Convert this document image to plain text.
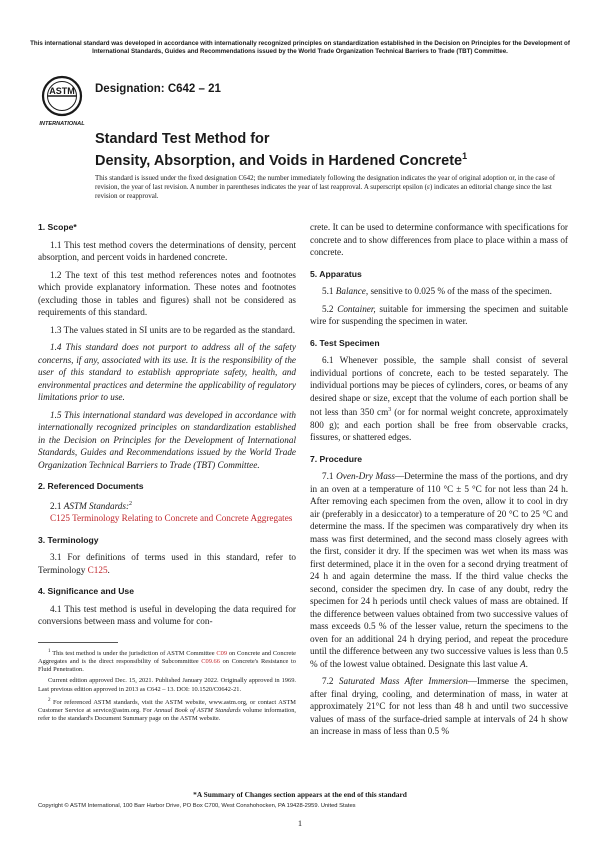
This international standard was developed in accordance with internationally recognized principles on standardization established in the Decision on Principles for the Development of International Standards, Guides and Recommendations issued by the World Trade Organization Technical Barriers to Trade (TBT) Committee.
ASTM
INTERNATIONAL
Designation: C642 – 21
Standard Test Method for
Density, Absorption, and Voids in Hardened Concrete$^1$
This standard is issued under the fixed designation C642; the number immediately following the designation indicates the year of original adoption or, in the case of revision, the year of last revision. A number in parentheses indicates the year of last reapproval. A superscript epsilon (ε) indicates an editorial change since the last revision or reapproval.
1. Scope*

1.1 This test method covers the determinations of density, percent absorption, and percent voids in hardened concrete.

1.2 The text of this test method references notes and footnotes which provide explanatory information. These notes and footnotes (excluding those in tables and figures) shall not be considered as requirements of this standard.

1.3 The values stated in SI units are to be regarded as the standard.

1.4 This standard does not purport to address all of the safety concerns, if any, associated with its use. It is the responsibility of the user of this standard to establish appropriate safety, health, and environmental practices and determine the applicability of regulatory limitations prior to use.

1.5 This international standard was developed in accordance with internationally recognized principles on standardization established in the Decision on Principles for the Development of International Standards, Guides and Recommendations issued by the World Trade Organization Technical Barriers to Trade (TBT) Committee.

2. Referenced Documents
2.1 ASTM Standards:$^2$
C125 Terminology Relating to Concrete and Concrete Aggregates
3. Terminology

3.1 For definitions of terms used in this standard, refer to Terminology C125.

4. Significance and Use

4.1 This test method is useful in developing the data required for conversions between mass and volume for con-

$^1$ This test method is under the jurisdiction of ASTM Committee C09 on Concrete and Concrete Aggregates and is the direct responsibility of Subcommittee C09.66 on Concrete's Resistance to Fluid Penetration.
Current edition approved Dec. 15, 2021. Published January 2022. Originally approved in 1969. Last previous edition approved in 2013 as C642 – 13. DOI: 10.1520/C0642-21.
$^2$ For referenced ASTM standards, visit the ASTM website, www.astm.org, or contact ASTM Customer Service at service@astm.org. For Annual Book of ASTM Standards volume information, refer to the standard's Document Summary page on the ASTM website.

crete. It can be used to determine conformance with specifications for concrete and to show differences from place to place within a mass of concrete.

5. Apparatus

5.1 Balance, sensitive to 0.025 % of the mass of the specimen.

5.2 Container, suitable for immersing the specimen and suitable wire for suspending the specimen in water.

6. Test Specimen

6.1 Whenever possible, the sample shall consist of several individual portions of concrete, each to be tested separately. The individual portions may be pieces of cylinders, cores, or beams of any desired shape or size, except that the volume of each portion shall be not less than 350 $cm^3$ (or for normal weight concrete, approximately 800 g); and each portion shall be free from observable cracks, fissures, or shattered edges.

7. Procedure

7.1 Oven-Dry Mass—Determine the mass of the portions, and dry in an oven at a temperature of 110 °C ± 5 °C for not less than 24 h. After removing each specimen from the oven, allow it to cool in dry air (preferably in a desiccator) to a temperature of 20 °C to 25 °C and determine the mass. If the specimen was comparatively dry when its mass was first determined, and the second mass closely agrees with the first, consider it dry. If the specimen was wet when its mass was first determined, place it in the oven for a second drying treatment of 24 h and again determine the mass. If the third value checks the second, consider the specimen dry. In case of any doubt, redry the specimen for 24 h periods until check values of mass are obtained. If the difference between values obtained from two successive values of mass exceeds 0.5 % of the lesser value, return the specimens to the oven for an additional 24 h drying period, and repeat the procedure until the difference between any two successive values is less than 0.5 % of the lowest value obtained. Designate this last value A.

7.2 Saturated Mass After Immersion—Immerse the specimen, after final drying, cooling, and determination of mass, in water at approximately 21°C for not less than 48 h and until two successive values of mass of the surface-dried sample at intervals of 24 h show an increase in mass of less than 0.5 %

*A Summary of Changes section appears at the end of this standard
Copyright © ASTM International, 100 Barr Harbor Drive, PO Box C700, West Conshohocken, PA 19428-2959. United States
1
